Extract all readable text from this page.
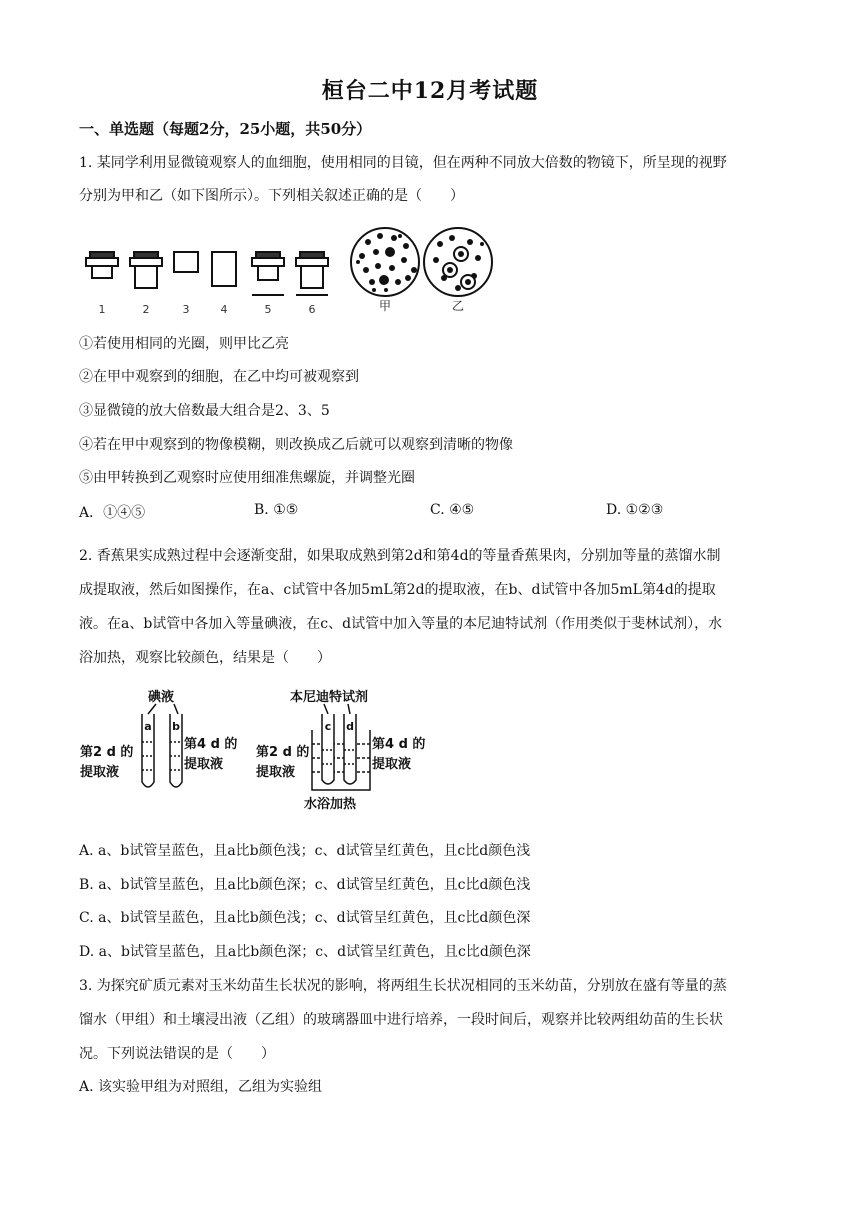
桓台二中12月考试题
一、单选题（每题2分，25小题，共50分）
1. 某同学利用显微镜观察人的血细胞，使用相同的目镜，但在两种不同放大倍数的物镜下，所呈现的视野
分别为甲和乙（如下图所示）。下列相关叙述正确的是（　　）
1	2	3	4	5	6	甲	乙
①若使用相同的光圈，则甲比乙亮
②在甲中观察到的细胞，在乙中均可被观察到
③显微镜的放大倍数最大组合是2、3、5
④若在甲中观察到的物像模糊，则改换成乙后就可以观察到清晰的物像
⑤由甲转换到乙观察时应使用细准焦螺旋，并调整光圈
A．①④⑤	B. ①⑤	C. ④⑤	D. ①②③
2. 香蕉果实成熟过程中会逐渐变甜，如果取成熟到第2d和第4d的等量香蕉果肉，分别加等量的蒸馏水制
成提取液，然后如图操作，在a、c试管中各加5mL第2d的提取液，在b、d试管中各加5mL第4d的提取
液。在a、b试管中各加入等量碘液，在c、d试管中加入等量的本尼迪特试剂（作用类似于斐林试剂），水
浴加热，观察比较颜色，结果是（　　）
碘液	本尼迪特试剂
第2 d 的
提取液
第4 d 的
提取液
第2 d 的
提取液
第4 d 的
提取液
水浴加热
a b	c d
A. a、b试管呈蓝色，且a比b颜色浅；c、d试管呈红黄色，且c比d颜色浅
B. a、b试管呈蓝色，且a比b颜色深；c、d试管呈红黄色，且c比d颜色浅
C. a、b试管呈蓝色，且a比b颜色浅；c、d试管呈红黄色，且c比d颜色深
D. a、b试管呈蓝色，且a比b颜色深；c、d试管呈红黄色，且c比d颜色深
3. 为探究矿质元素对玉米幼苗生长状况的影响，将两组生长状况相同的玉米幼苗，分别放在盛有等量的蒸
馏水（甲组）和土壤浸出液（乙组）的玻璃器皿中进行培养，一段时间后，观察并比较两组幼苗的生长状
况。下列说法错误的是（　　）
A. 该实验甲组为对照组，乙组为实验组
